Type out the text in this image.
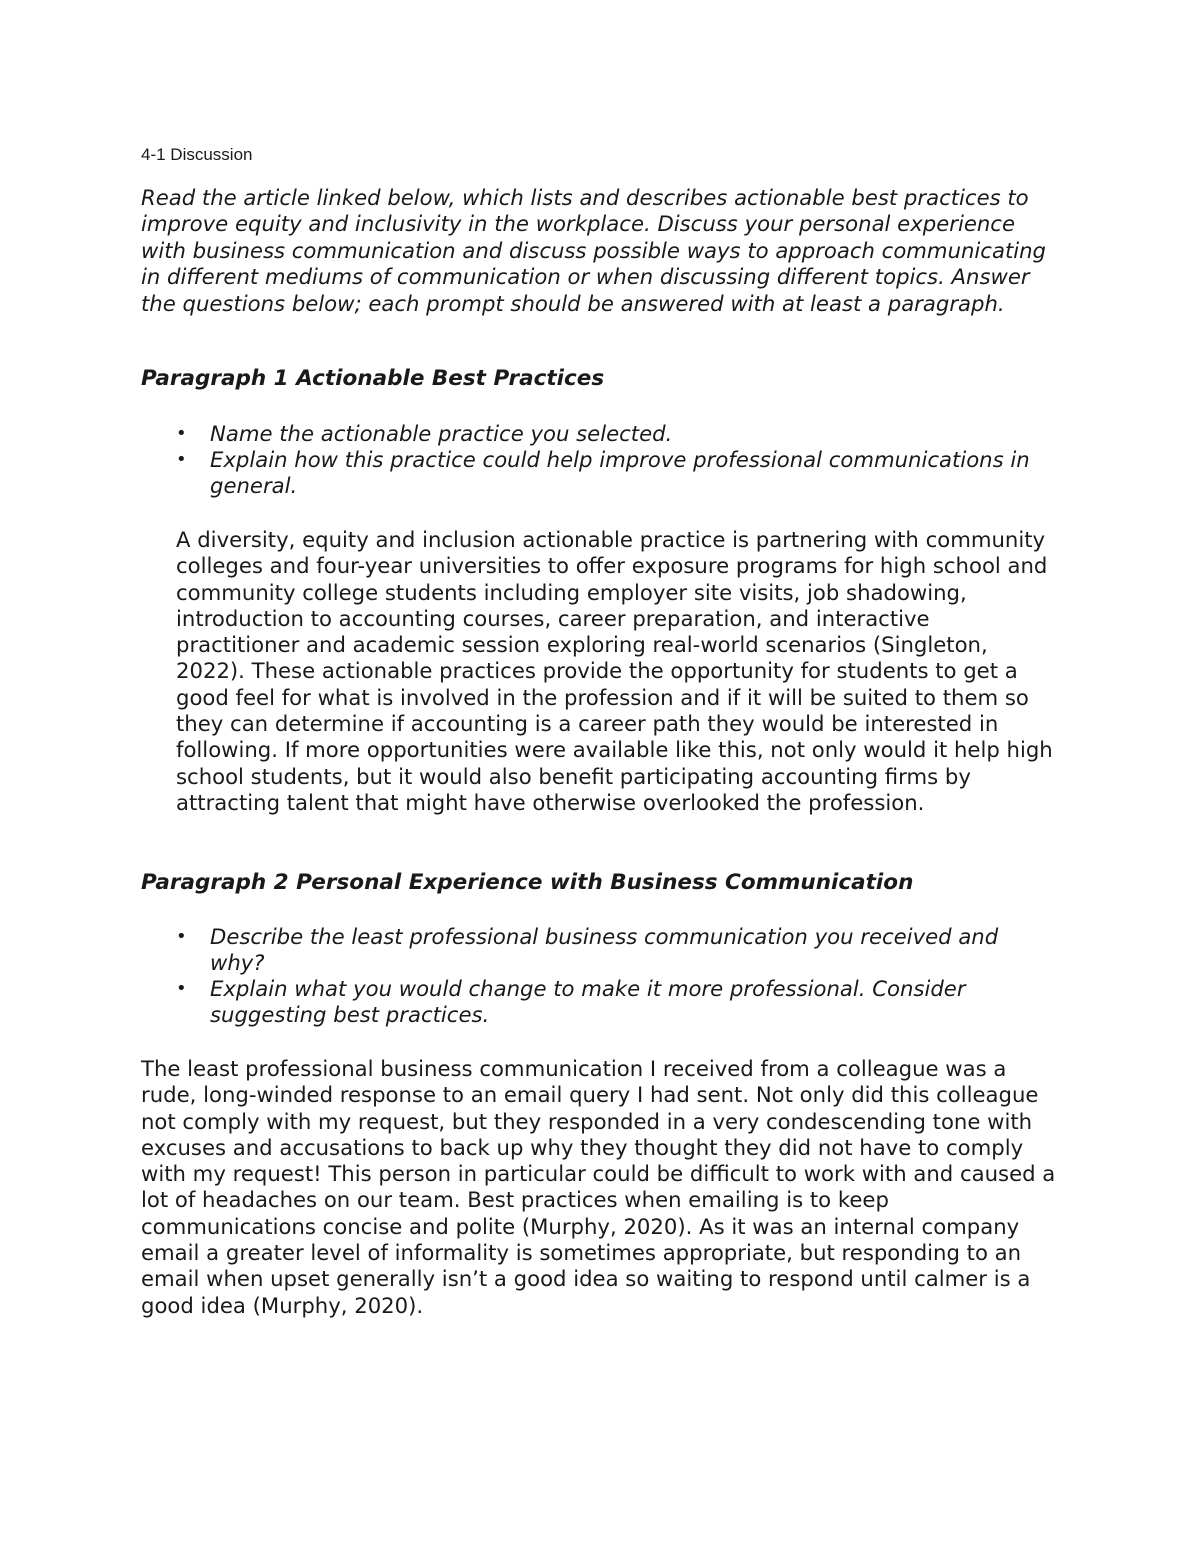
4-1 Discussion

Read the article linked below, which lists and describes actionable best practices to improve equity and inclusivity in the workplace. Discuss your personal experience with business communication and discuss possible ways to approach communicating in different mediums of communication or when discussing different topics. Answer the questions below; each prompt should be answered with at least a paragraph.

Paragraph 1 Actionable Best Practices
• Name the actionable practice you selected.
• Explain how this practice could help improve professional communications in general.

A diversity, equity and inclusion actionable practice is partnering with community colleges and four-year universities to offer exposure programs for high school and community college students including employer site visits, job shadowing, introduction to accounting courses, career preparation, and interactive practitioner and academic session exploring real-world scenarios (Singleton, 2022). These actionable practices provide the opportunity for students to get a good feel for what is involved in the profession and if it will be suited to them so they can determine if accounting is a career path they would be interested in following. If more opportunities were available like this, not only would it help high school students, but it would also benefit participating accounting firms by attracting talent that might have otherwise overlooked the profession.

Paragraph 2 Personal Experience with Business Communication
• Describe the least professional business communication you received and why?
• Explain what you would change to make it more professional. Consider suggesting best practices.

The least professional business communication I received from a colleague was a rude, long-winded response to an email query I had sent. Not only did this colleague not comply with my request, but they responded in a very condescending tone with excuses and accusations to back up why they thought they did not have to comply with my request! This person in particular could be difficult to work with and caused a lot of headaches on our team. Best practices when emailing is to keep communications concise and polite (Murphy, 2020). As it was an internal company email a greater level of informality is sometimes appropriate, but responding to an email when upset generally isn’t a good idea so waiting to respond until calmer is a good idea (Murphy, 2020).
